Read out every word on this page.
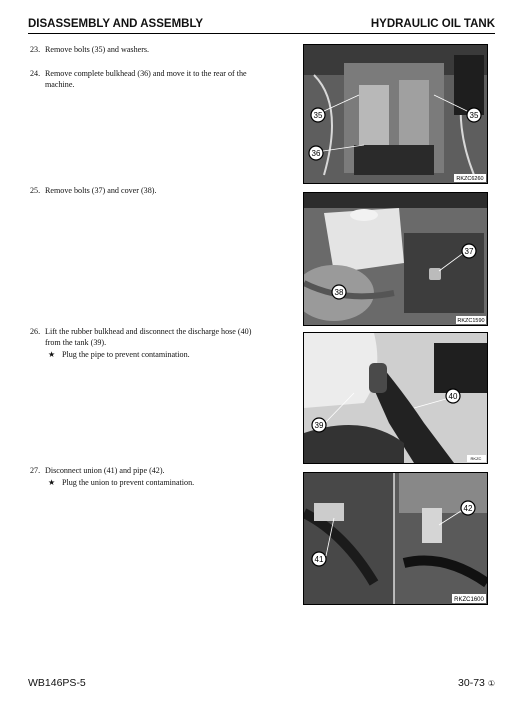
DISASSEMBLY AND ASSEMBLY	HYDRAULIC OIL TANK
23. Remove bolts (35) and washers.
24. Remove complete bulkhead (36) and move it to the rear of the
machine.
25. Remove bolts (37) and cover (38).
26. Lift the rubber bulkhead and disconnect the discharge hose (40)
from the tank (39).
★ Plug the pipe to prevent contamination.
27. Disconnect union (41) and pipe (42).
★ Plug the union to prevent contamination.
35	35
36
RKZC6260
37
38
RKZC1590
40
39
RKZC
42
41
RKZC1600
WB146PS-5	30-73 ①
